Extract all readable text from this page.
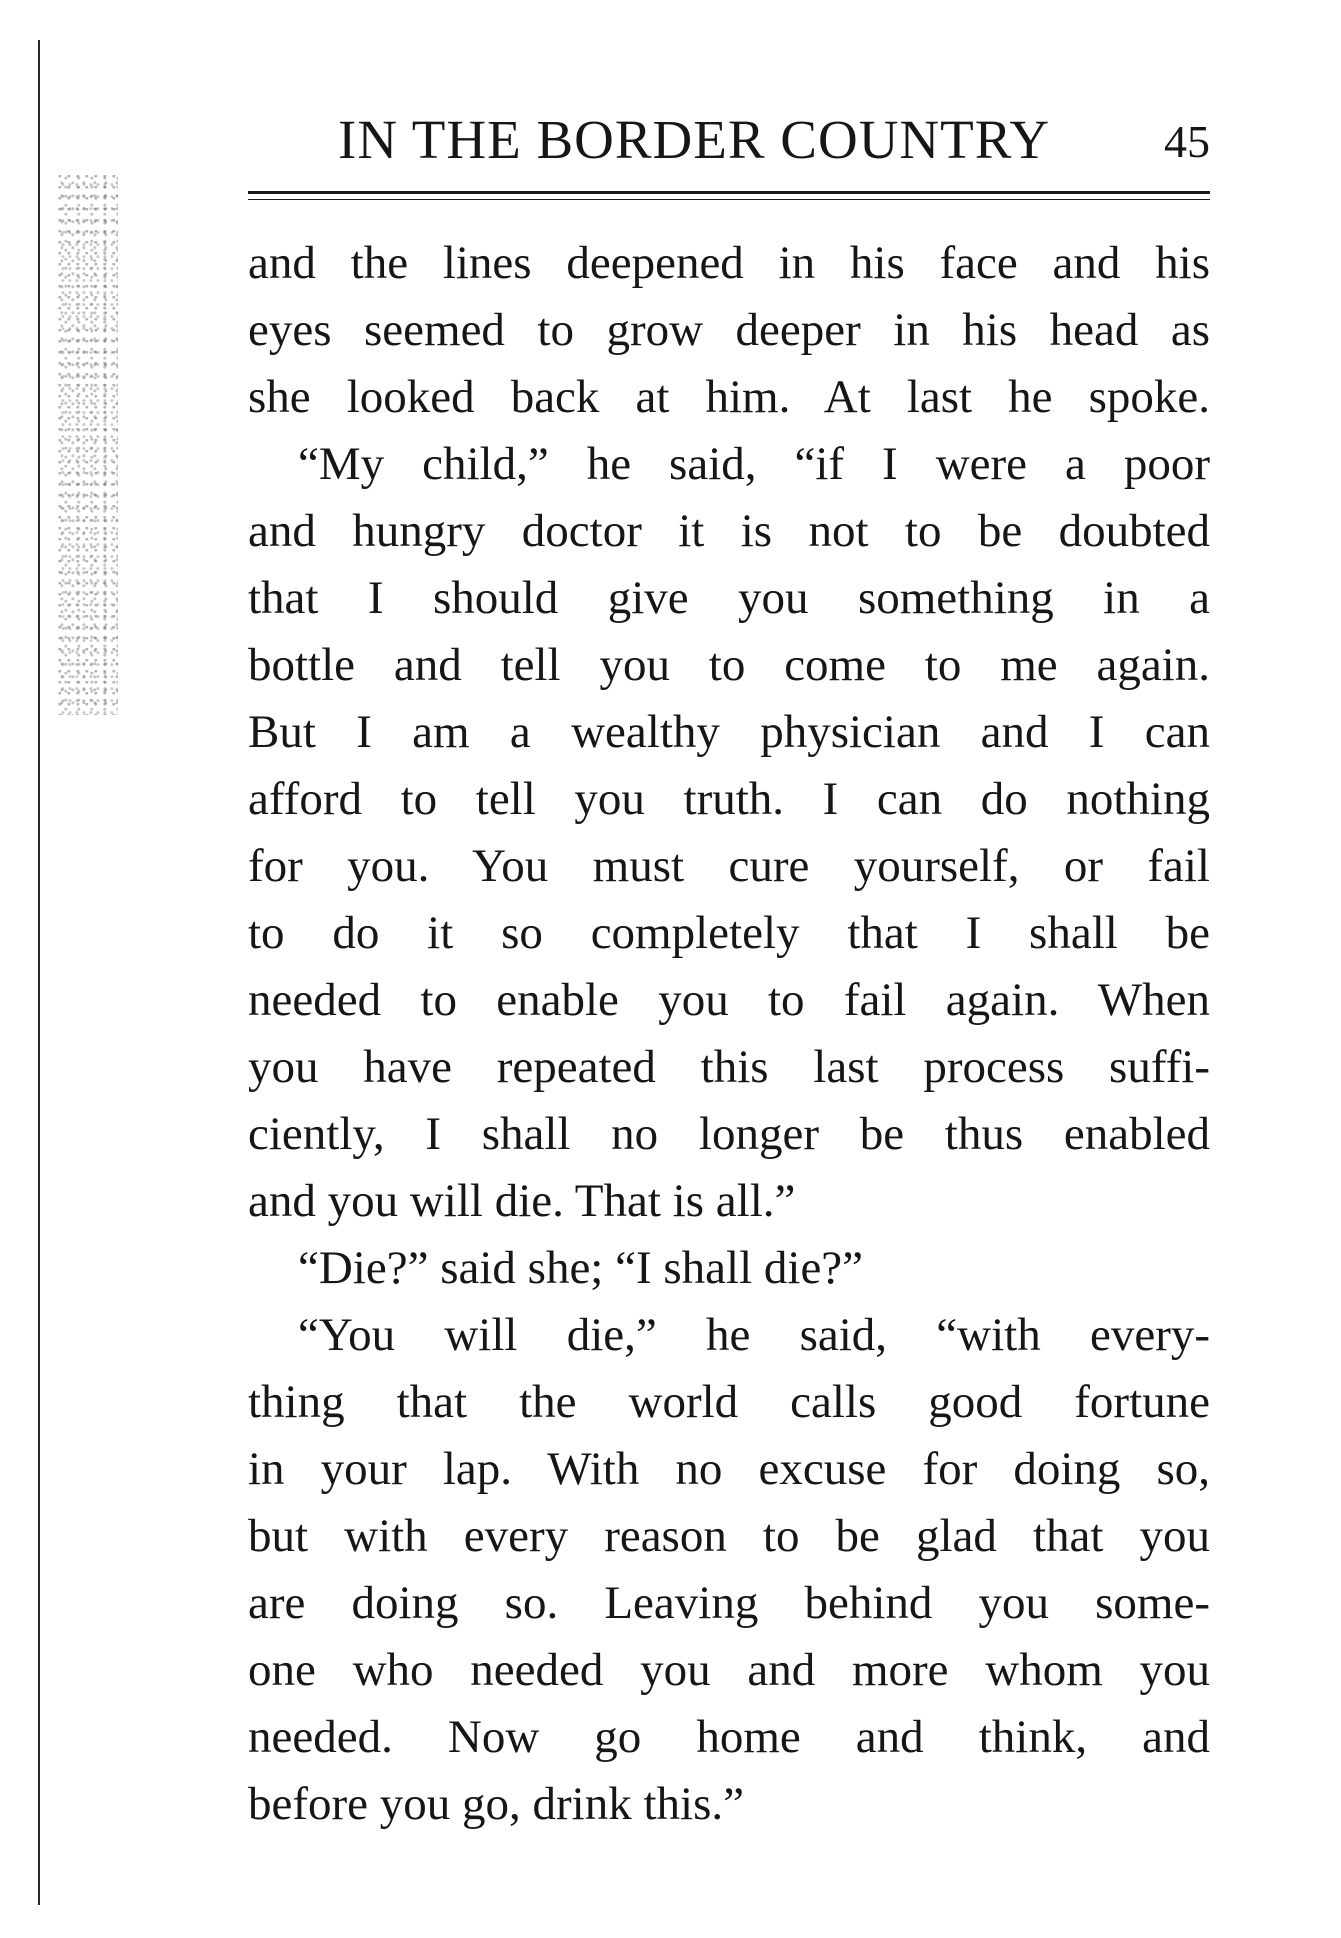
IN THE BORDER COUNTRY 45
and the lines deepened in his face and his
eyes seemed to grow deeper in his head as
she looked back at him. At last he spoke.
“My child,” he said, “if I were a poor
and hungry doctor it is not to be doubted
that I should give you something in a
bottle and tell you to come to me again.
But I am a wealthy physician and I can
afford to tell you truth. I can do nothing
for you. You must cure yourself, or fail
to do it so completely that I shall be
needed to enable you to fail again. When
you have repeated this last process suffi-
ciently, I shall no longer be thus enabled
and you will die. That is all.”
“Die?” said she; “I shall die?”
“You will die,” he said, “with every-
thing that the world calls good fortune
in your lap. With no excuse for doing so,
but with every reason to be glad that you
are doing so. Leaving behind you some-
one who needed you and more whom you
needed. Now go home and think, and
before you go, drink this.”
